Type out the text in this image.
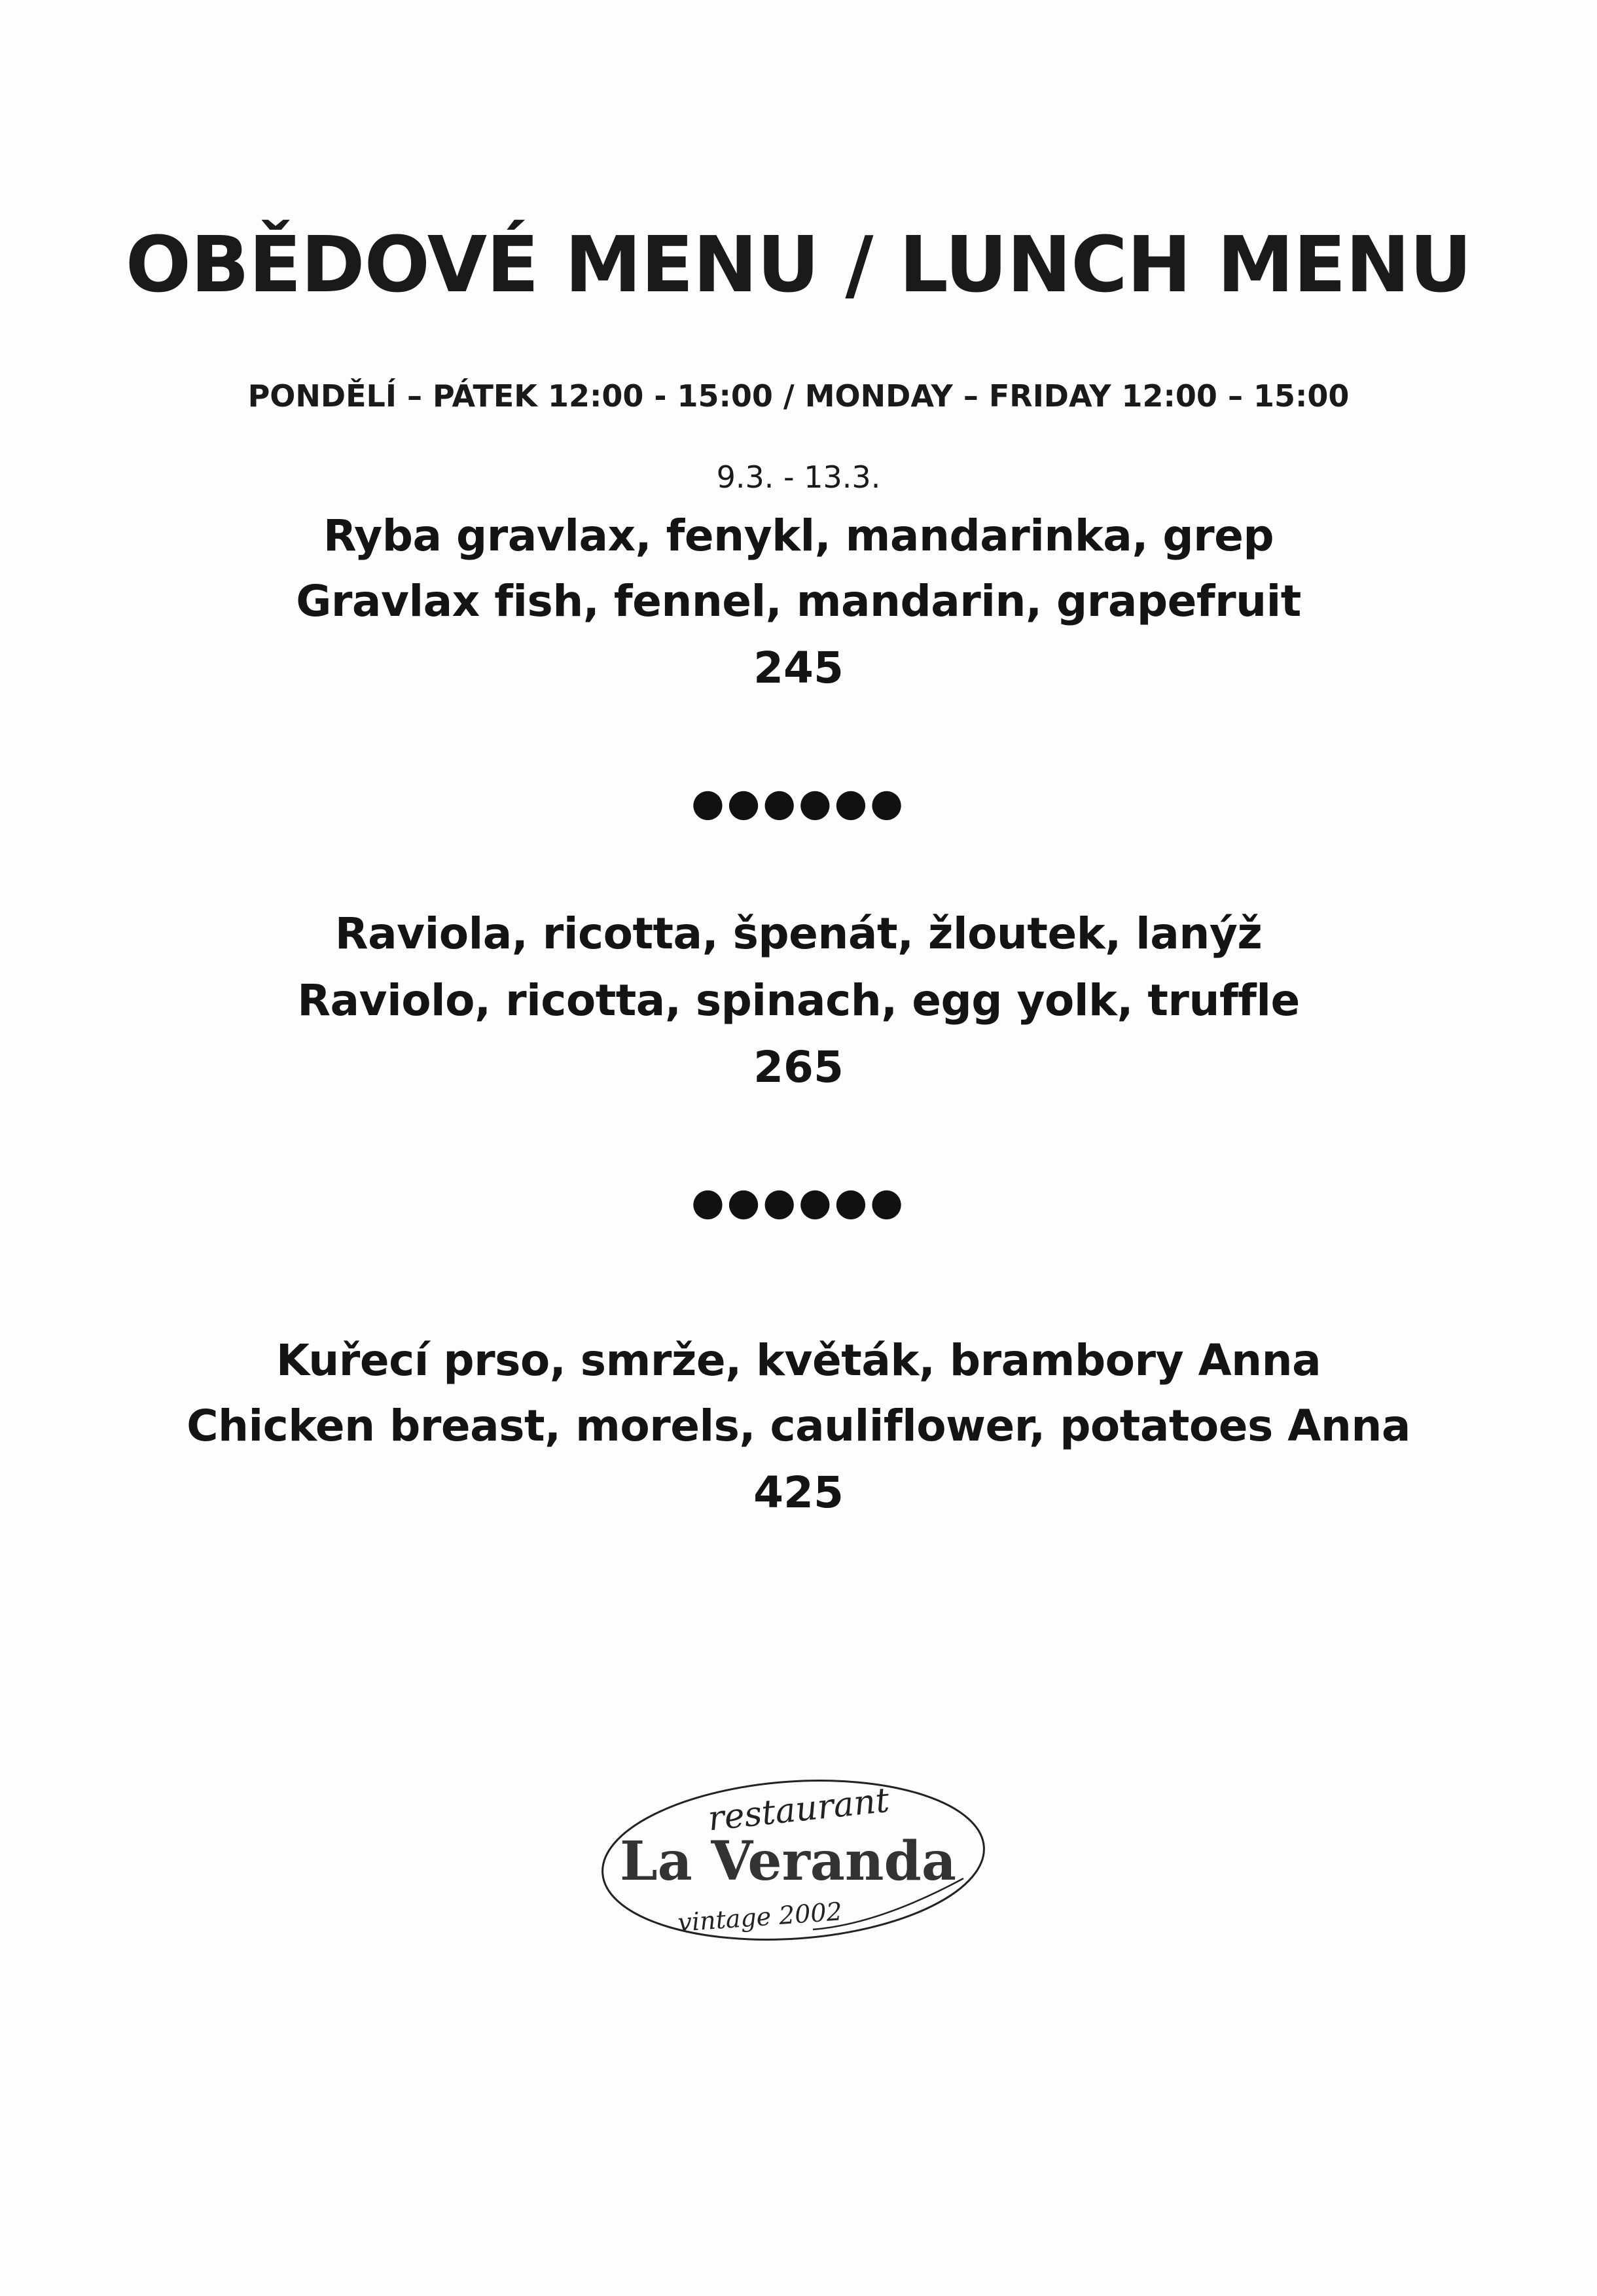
OBĚDOVÉ MENU / LUNCH MENU
PONDĚLÍ – PÁTEK 12:00 - 15:00 / MONDAY – FRIDAY 12:00 – 15:00
9.3. - 13.3.
Ryba gravlax, fenykl, mandarinka, grep
Gravlax fish, fennel, mandarin, grapefruit
245
●●●●●●
Raviola, ricotta, špenát, žloutek, lanýž
Raviolo, ricotta, spinach, egg yolk, truffle
265
●●●●●●
Kuřecí prso, smrže, květák, brambory Anna
Chicken breast, morels, cauliflower, potatoes Anna
425
restaurant
La Veranda
vintage 2002
